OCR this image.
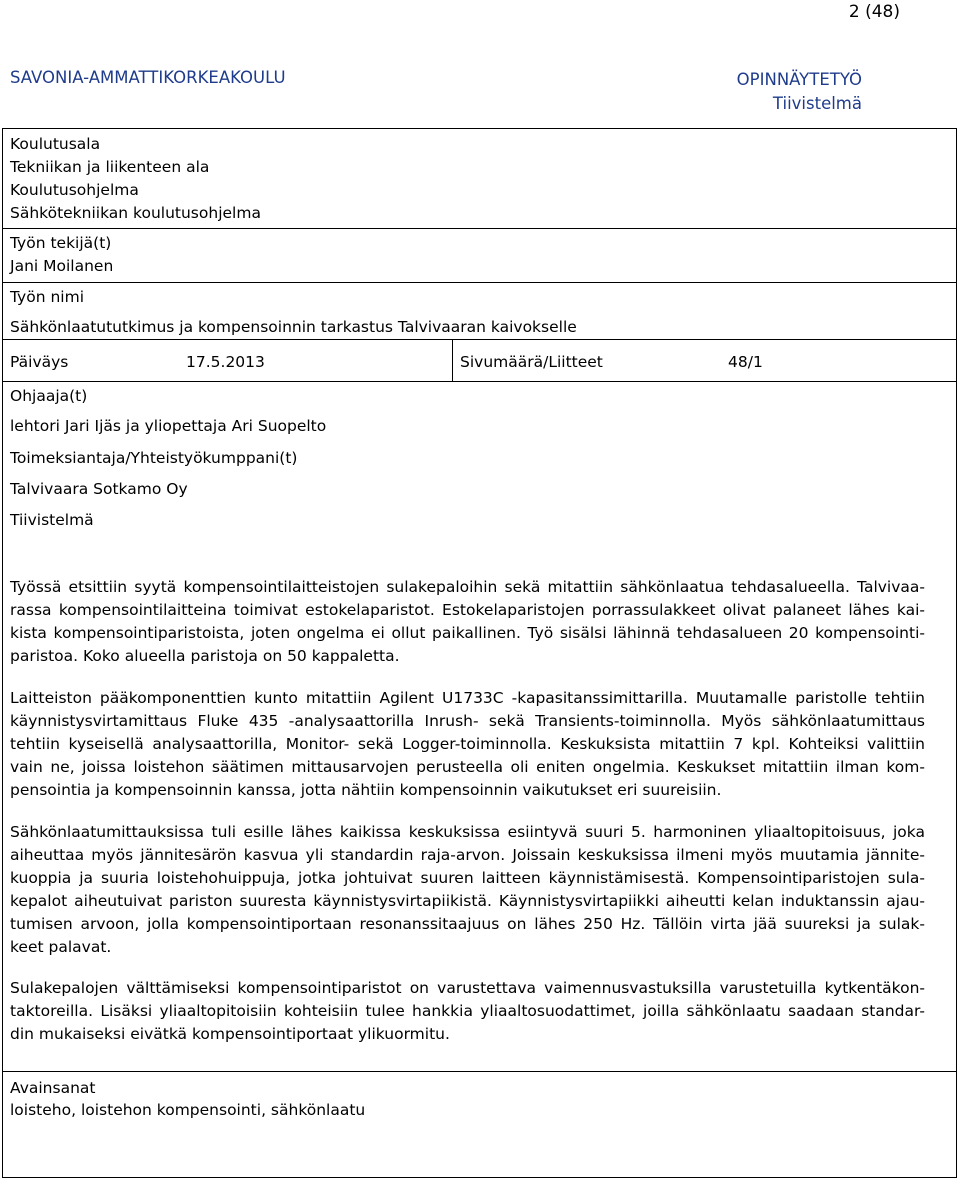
2 (48)
SAVONIA-AMMATTIKORKEAKOULU	OPINNÄYTETYÖ
Tiivistelmä
Koulutusala
Tekniikan ja liikenteen ala
Koulutusohjelma
Sähkötekniikan koulutusohjelma
Työn tekijä(t)
Jani Moilanen
Työn nimi
Sähkönlaatututkimus ja kompensoinnin tarkastus Talvivaaran kaivokselle
Päiväys	17.5.2013	Sivumäärä/Liitteet	48/1
Ohjaaja(t)
lehtori Jari Ijäs ja yliopettaja Ari Suopelto
Toimeksiantaja/Yhteistyökumppani(t)
Talvivaara Sotkamo Oy
Tiivistelmä
Työssä etsittiin syytä kompensointilaitteistojen sulakepaloihin sekä mitattiin sähkönlaatua tehdasalueella. Talvivaa-
rassa kompensointilaitteina toimivat estokelaparistot. Estokelaparistojen porrassulakkeet olivat palaneet lähes kai-
kista kompensointiparistoista, joten ongelma ei ollut paikallinen. Työ sisälsi lähinnä tehdasalueen 20 kompensointi-
paristoa. Koko alueella paristoja on 50 kappaletta.
Laitteiston pääkomponenttien kunto mitattiin Agilent U1733C -kapasitanssimittarilla. Muutamalle paristolle tehtiin
käynnistysvirtamittaus Fluke 435 -analysaattorilla Inrush- sekä Transients-toiminnolla. Myös sähkönlaatumittaus
tehtiin kyseisellä analysaattorilla, Monitor- sekä Logger-toiminnolla. Keskuksista mitattiin 7 kpl. Kohteiksi valittiin
vain ne, joissa loistehon säätimen mittausarvojen perusteella oli eniten ongelmia. Keskukset mitattiin ilman kom-
pensointia ja kompensoinnin kanssa, jotta nähtiin kompensoinnin vaikutukset eri suureisiin.
Sähkönlaatumittauksissa tuli esille lähes kaikissa keskuksissa esiintyvä suuri 5. harmoninen yliaaltopitoisuus, joka
aiheuttaa myös jännitesärön kasvua yli standardin raja-arvon. Joissain keskuksissa ilmeni myös muutamia jännite-
kuoppia ja suuria loistehohuippuja, jotka johtuivat suuren laitteen käynnistämisestä. Kompensointiparistojen sula-
kepalot aiheutuivat pariston suuresta käynnistysvirtapiikistä. Käynnistysvirtapiikki aiheutti kelan induktanssin ajau-
tumisen arvoon, jolla kompensointiportaan resonanssitaajuus on lähes 250 Hz. Tällöin virta jää suureksi ja sulak-
keet palavat.
Sulakepalojen välttämiseksi kompensointiparistot on varustettava vaimennusvastuksilla varustetuilla kytkentäkon-
taktoreilla. Lisäksi yliaaltopitoisiin kohteisiin tulee hankkia yliaaltosuodattimet, joilla sähkönlaatu saadaan standar-
din mukaiseksi eivätkä kompensointiportaat ylikuormitu.
Avainsanat
loisteho, loistehon kompensointi, sähkönlaatu
